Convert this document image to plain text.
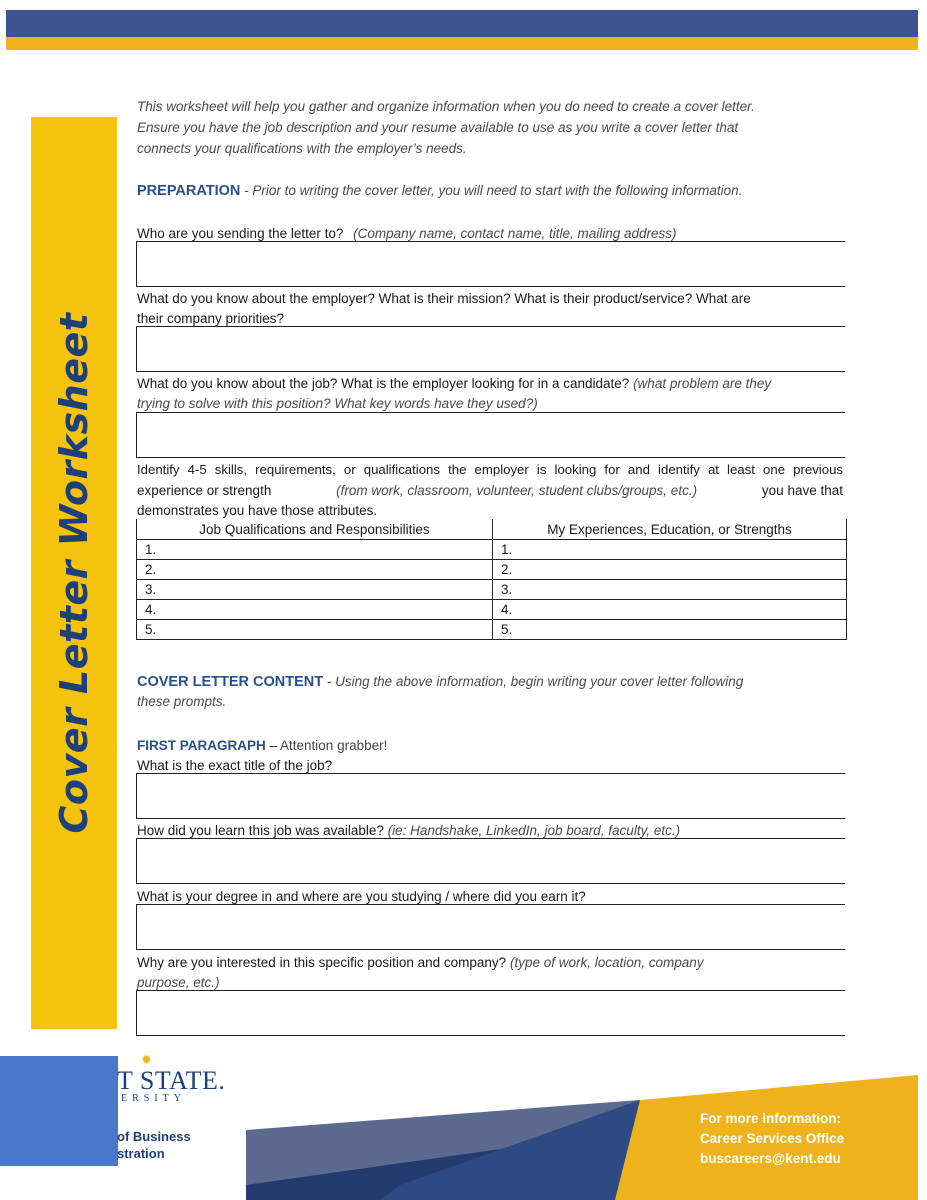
Cover Letter Worksheet
This worksheet will help you gather and organize information when you do need to create a cover letter.
Ensure you have the job description and your resume available to use as you write a cover letter that
connects your qualifications with the employer’s needs.
PREPARATION - Prior to writing the cover letter, you will need to start with the following information.
Who are you sending the letter to? (Company name, contact name, title, mailing address)
What do you know about the employer? What is their mission? What is their product/service? What are
their company priorities?
What do you know about the job? What is the employer looking for in a candidate? (what problem are they
trying to solve with this position? What key words have they used?)
Identify 4-5 skills, requirements, or qualifications the employer is looking for and identify at least one previous
experience or strength	(from work, classroom, volunteer, student clubs/groups, etc.)	you have that
demonstrates you have those attributes.
Job Qualifications and Responsibilities	My Experiences, Education, or Strengths
1.	1.
2.	2.
3.	3.
4.	4.
5.	5.
COVER LETTER CONTENT - Using the above information, begin writing your cover letter following
these prompts.
FIRST PARAGRAPH – Attention grabber!
What is the exact title of the job?
How did you learn this job was available? (ie: Handshake, LinkedIn, job board, faculty, etc.)
What is your degree in and where are you studying / where did you earn it?
Why are you interested in this specific position and company? (type of work, location, company
purpose, etc.)
✹
T STATE.
ERSITY
of Business
stration
For more information:
Career Services Office
buscareers@kent.edu
